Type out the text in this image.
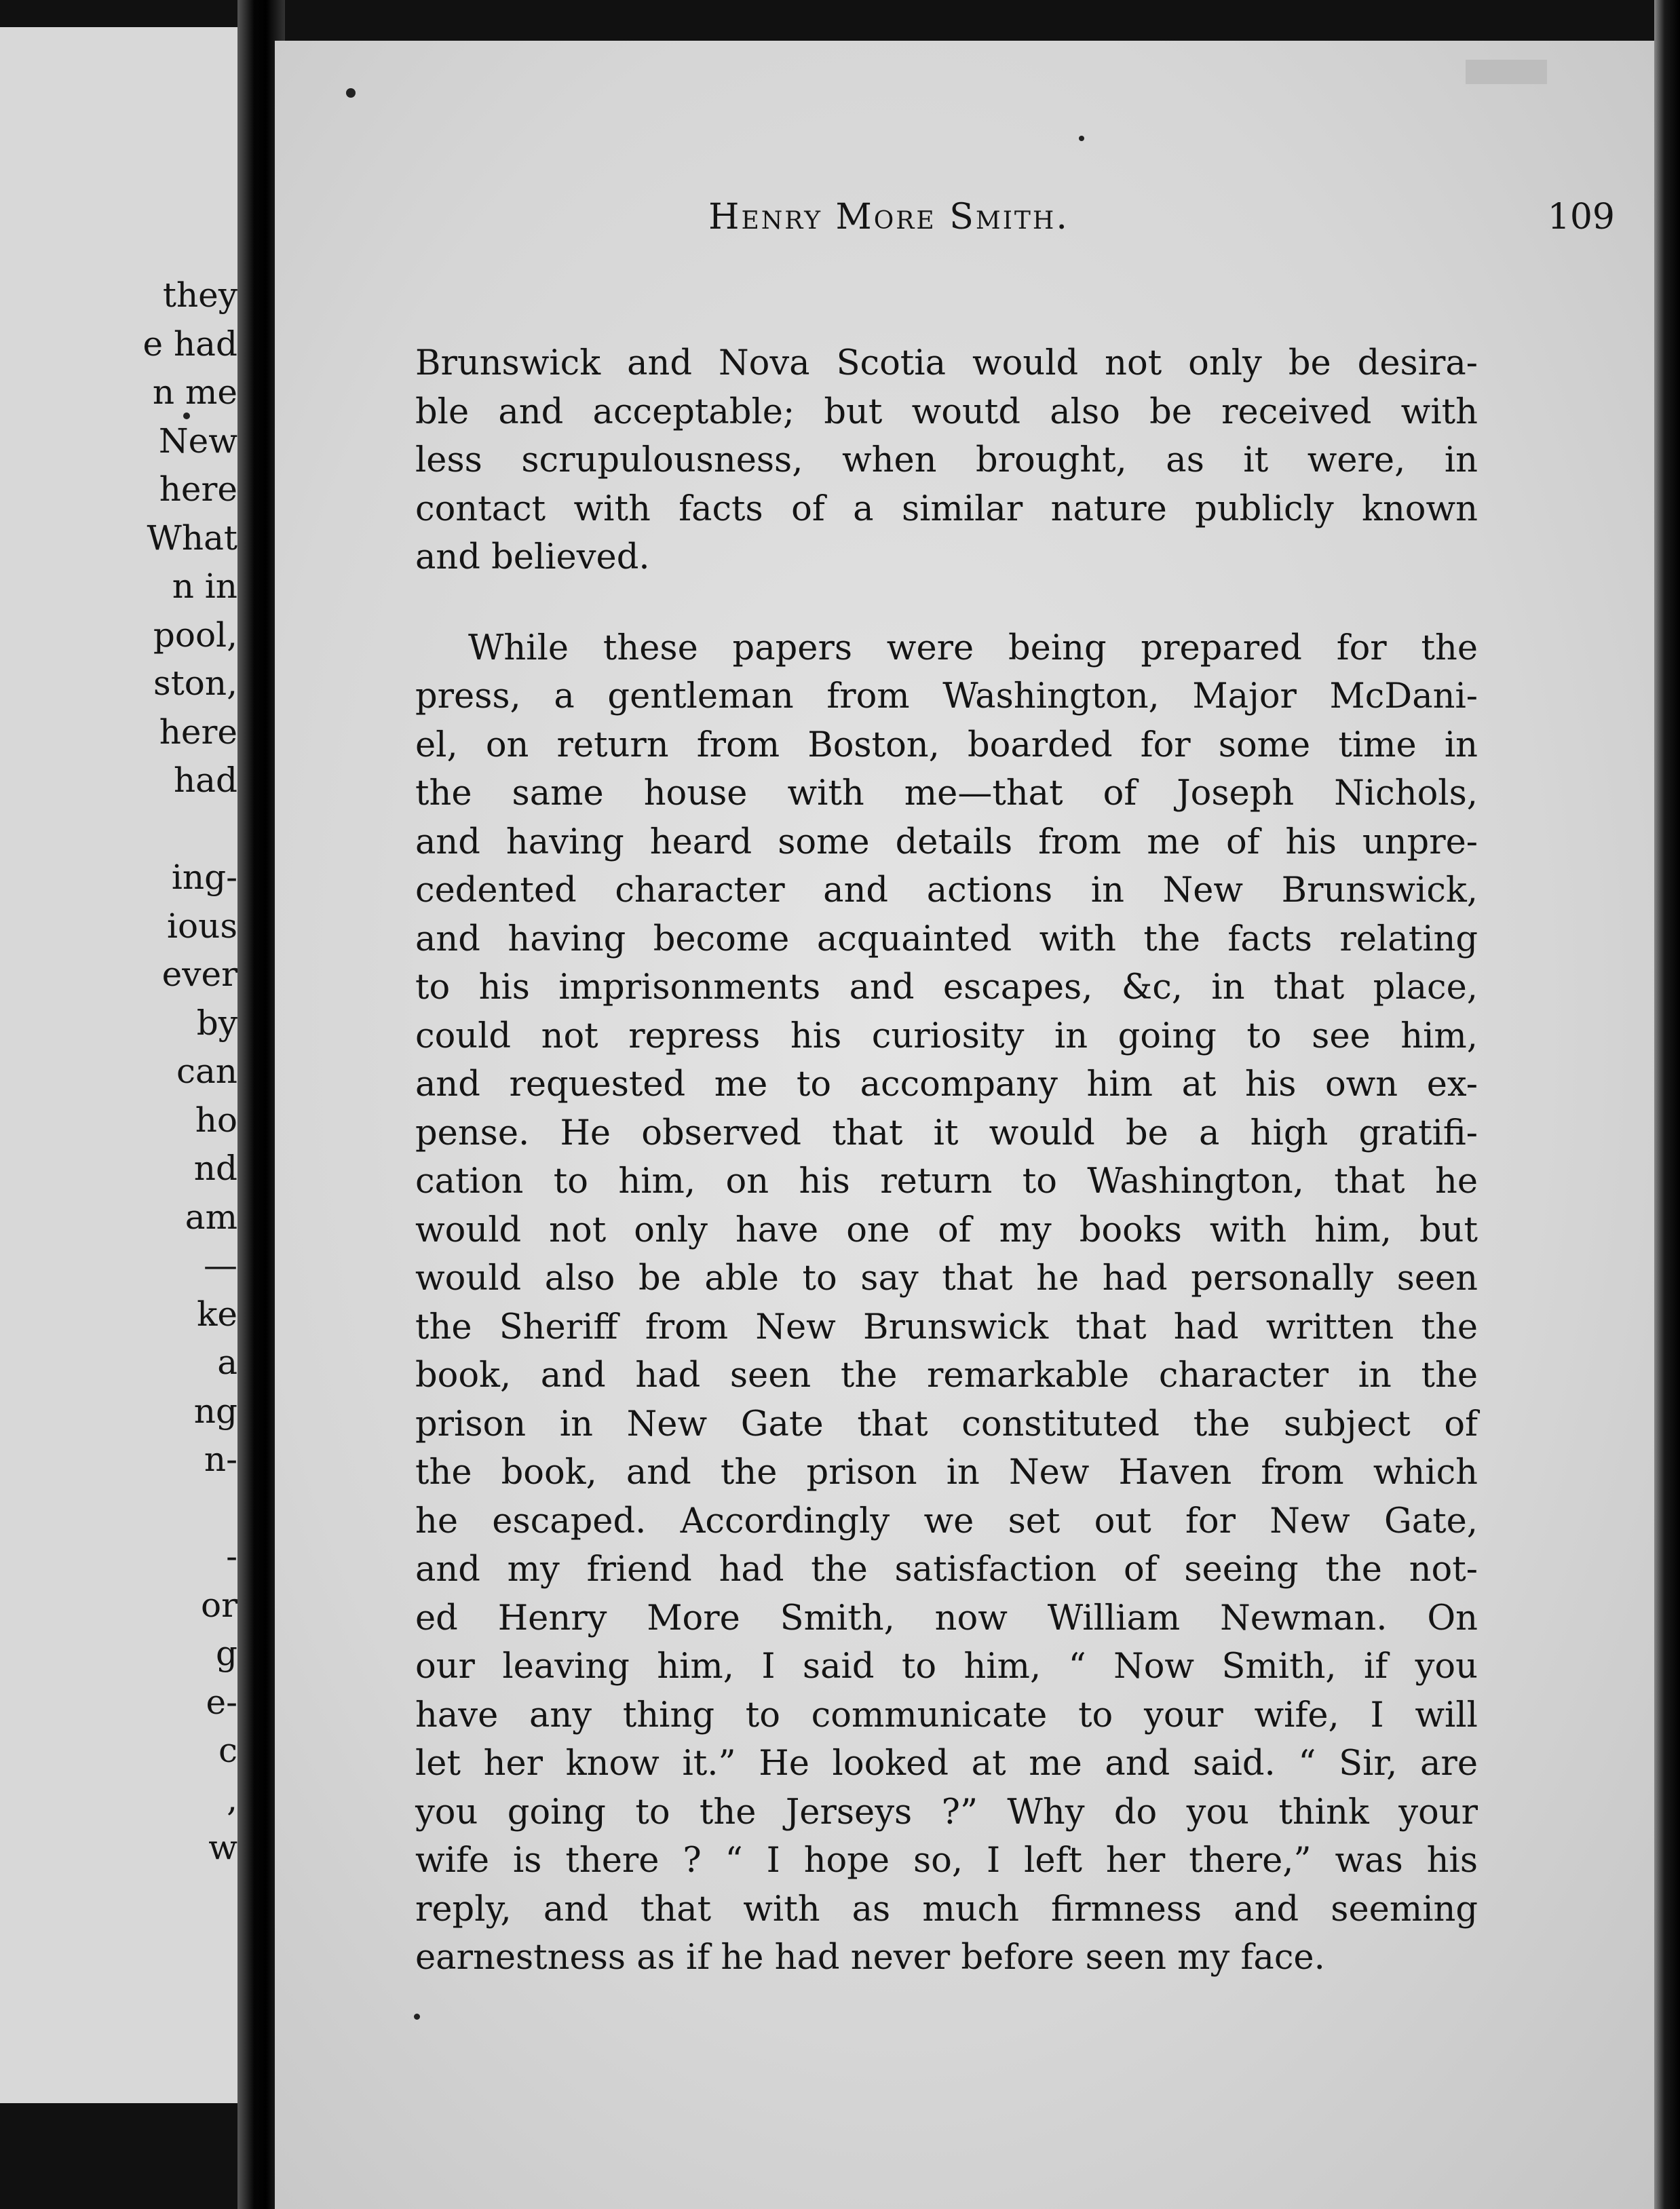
they
e had
n me
New
here
What
n in
pool,
ston,
here
had
ing-
ious
ever
by
can
ho
nd
am
—
ke
a
ng
n-
-
or
g
e-
c
,
w
Henry More Smith.	109
Brunswick and Nova Scotia would not only be desira-
ble and acceptable; but woutd also be received with
less scrupulousness, when brought, as it were, in
contact with facts of a similar nature publicly known
and believed.
While these papers were being prepared for the
press, a gentleman from Washington, Major McDani-
el, on return from Boston, boarded for some time in
the same house with me—that of Joseph Nichols,
and having heard some details from me of his unpre-
cedented character and actions in New Brunswick,
and having become acquainted with the facts relating
to his imprisonments and escapes, &c, in that place,
could not repress his curiosity in going to see him,
and requested me to accompany him at his own ex-
pense. He observed that it would be a high gratifi-
cation to him, on his return to Washington, that he
would not only have one of my books with him, but
would also be able to say that he had personally seen
the Sheriff from New Brunswick that had written the
book, and had seen the remarkable character in the
prison in New Gate that constituted the subject of
the book, and the prison in New Haven from which
he escaped. Accordingly we set out for New Gate,
and my friend had the satisfaction of seeing the not-
ed Henry More Smith, now William Newman. On
our leaving him, I said to him, “ Now Smith, if you
have any thing to communicate to your wife, I will
let her know it.” He looked at me and said. “ Sir, are
you going to the Jerseys ?” Why do you think your
wife is there ? “ I hope so, I left her there,” was his
reply, and that with as much firmness and seeming
earnestness as if he had never before seen my face.
